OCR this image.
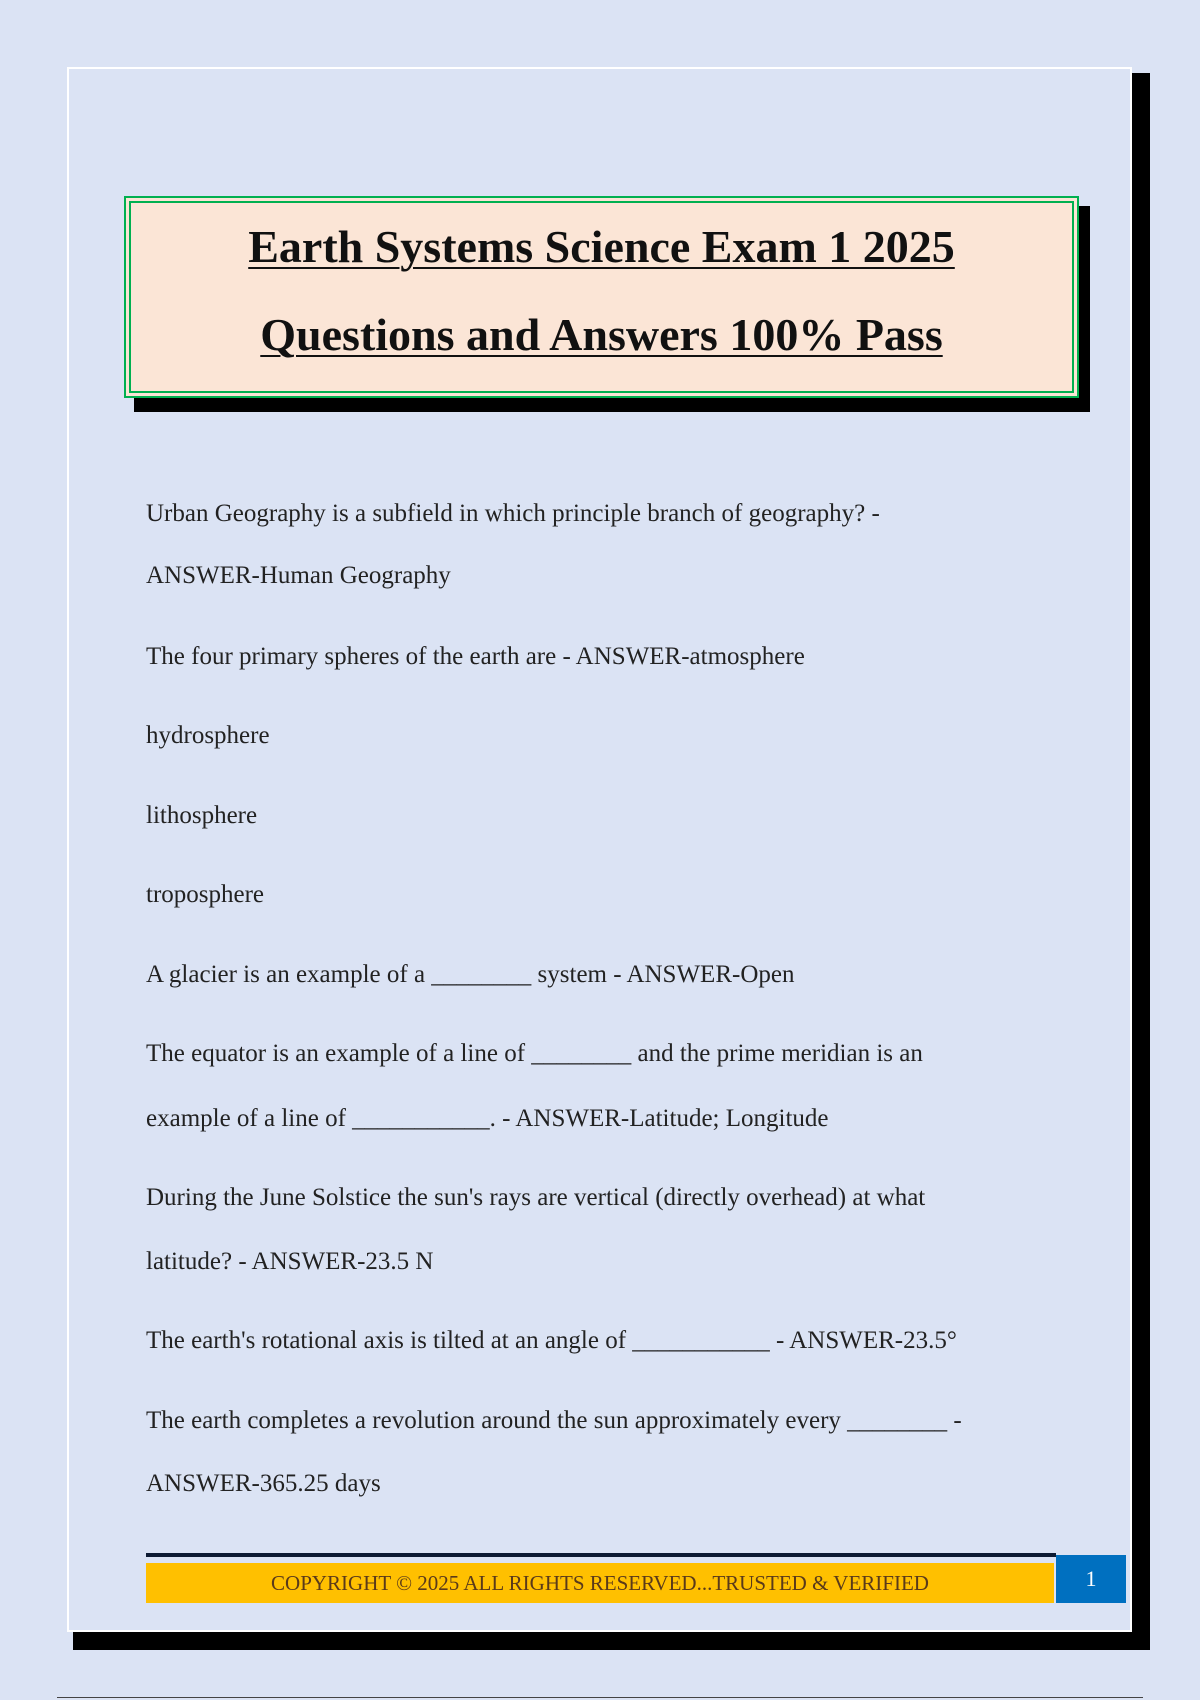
Earth Systems Science Exam 1 2025
Questions and Answers 100% Pass
Urban Geography is a subfield in which principle branch of geography? -
ANSWER-Human Geography
The four primary spheres of the earth are - ANSWER-atmosphere
hydrosphere
lithosphere
troposphere
A glacier is an example of a ________ system - ANSWER-Open
The equator is an example of a line of ________ and the prime meridian is an
example of a line of ___________. - ANSWER-Latitude; Longitude
During the June Solstice the sun's rays are vertical (directly overhead) at what
latitude? - ANSWER-23.5 N
The earth's rotational axis is tilted at an angle of ___________ - ANSWER-23.5°
The earth completes a revolution around the sun approximately every ________ -
ANSWER-365.25 days
COPYRIGHT © 2025 ALL RIGHTS RESERVED...TRUSTED & VERIFIED	1
